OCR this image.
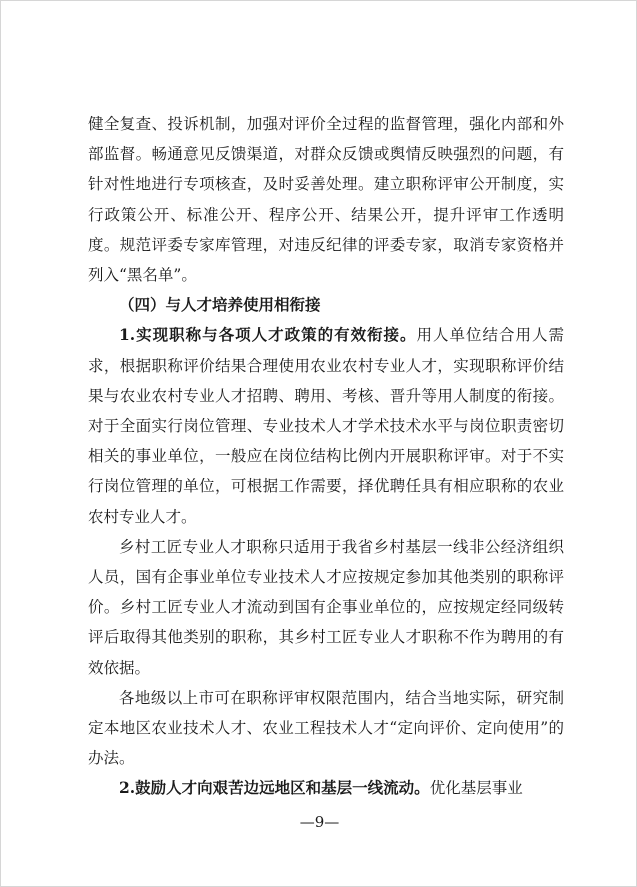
健全复查、投诉机制，加强对评价全过程的监督管理，强化内部和外部监督。畅通意见反馈渠道，对群众反馈或舆情反映强烈的问题，有针对性地进行专项核查，及时妥善处理。建立职称评审公开制度，实行政策公开、标准公开、程序公开、结果公开，提升评审工作透明度。规范评委专家库管理，对违反纪律的评委专家，取消专家资格并列入“黑名单”。

（四）与人才培养使用相衔接

1.实现职称与各项人才政策的有效衔接。用人单位结合用人需求，根据职称评价结果合理使用农业农村专业人才，实现职称评价结果与农业农村专业人才招聘、聘用、考核、晋升等用人制度的衔接。对于全面实行岗位管理、专业技术人才学术技术水平与岗位职责密切相关的事业单位，一般应在岗位结构比例内开展职称评审。对于不实行岗位管理的单位，可根据工作需要，择优聘任具有相应职称的农业农村专业人才。

乡村工匠专业人才职称只适用于我省乡村基层一线非公经济组织人员，国有企事业单位专业技术人才应按规定参加其他类别的职称评价。乡村工匠专业人才流动到国有企事业单位的，应按规定经同级转评后取得其他类别的职称，其乡村工匠专业人才职称不作为聘用的有效依据。

各地级以上市可在职称评审权限范围内，结合当地实际，研究制定本地区农业技术人才、农业工程技术人才“定向评价、定向使用”的办法。

2.鼓励人才向艰苦边远地区和基层一线流动。优化基层事业

—9—
